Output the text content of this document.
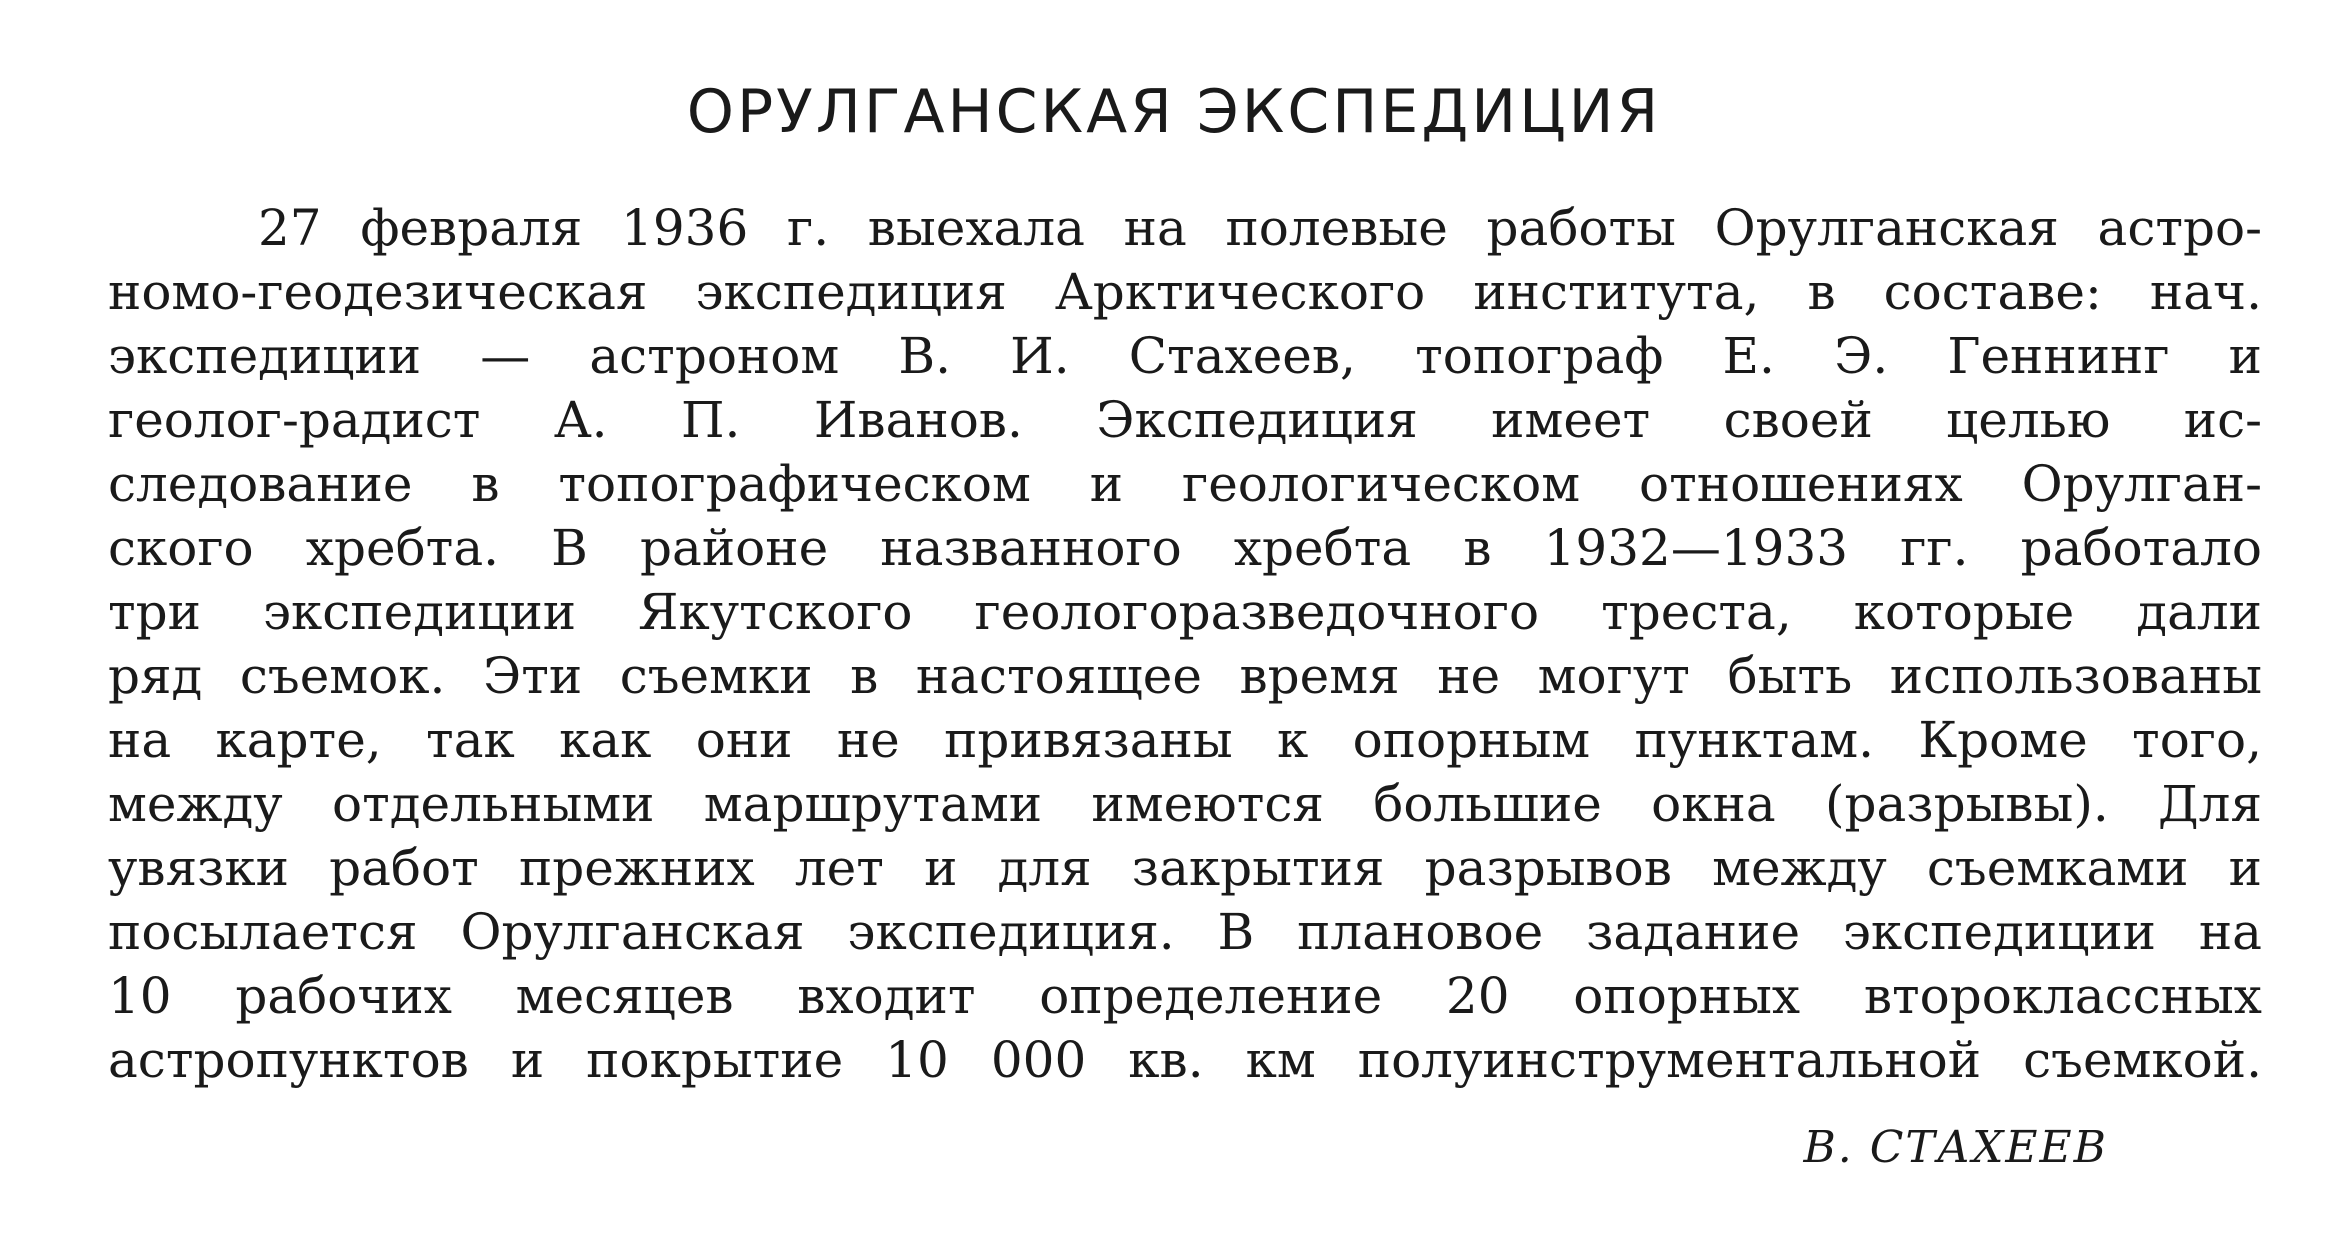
ОРУЛГАНСКАЯ ЭКСПЕДИЦИЯ
27 февраля 1936 г. выехала на полевые работы Орулганская астро-
номо-геодезическая экспедиция Арктического института, в составе: нач.
экспедиции — астроном В. И. Стахеев, топограф Е. Э. Геннинг и
геолог-радист А. П. Иванов. Экспедиция имеет своей целью ис-
следование в топографическом и геологическом отношениях Орулган-
ского хребта. В районе названного хребта в 1932—1933 гг. работало
три экспедиции Якутского геологоразведочного треста, которые дали
ряд съемок. Эти съемки в настоящее время не могут быть использованы
на карте, так как они не привязаны к опорным пунктам. Кроме того,
между отдельными маршрутами имеются большие окна (разрывы). Для
увязки работ прежних лет и для закрытия разрывов между съемками и
посылается Орулганская экспедиция. В плановое задание экспедиции на
10 рабочих месяцев входит определение 20 опорных второклассных
астропунктов и покрытие 10 000 кв. км полуинструментальной съемкой.
В. СТАХЕЕВ
